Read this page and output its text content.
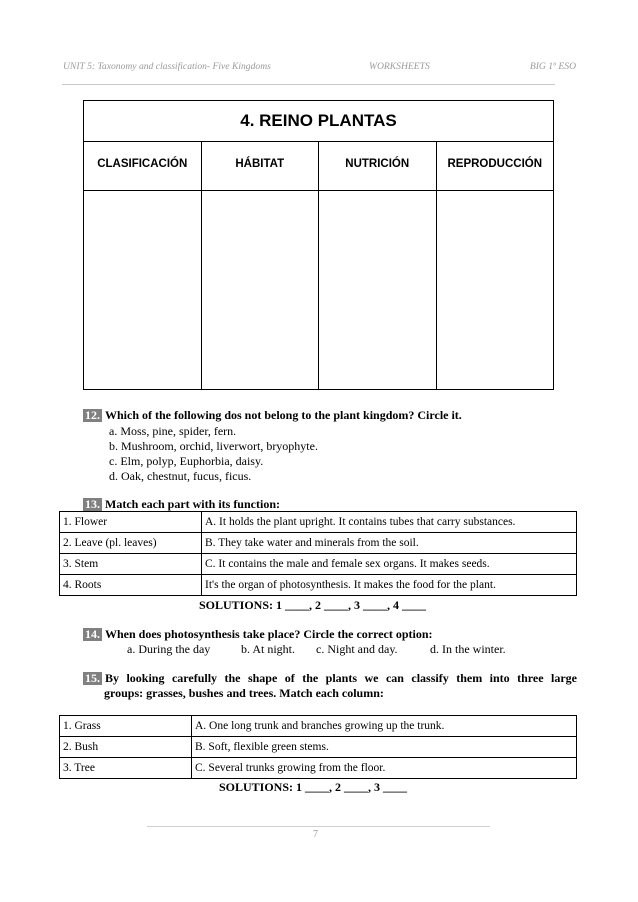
UNIT 5: Taxonomy and classification- Five Kingdoms	WORKSHEETS	BIG 1º ESO
4. REINO PLANTAS
CLASIFICACIÓN	HÁBITAT	NUTRICIÓN	REPRODUCCIÓN
12. Which of the following dos not belong to the plant kingdom? Circle it.
a. Moss, pine, spider, fern.
b. Mushroom, orchid, liverwort, bryophyte.
c. Elm, polyp, Euphorbia, daisy.
d. Oak, chestnut, fucus, ficus.
13. Match each part with its function:
1. Flower	A. It holds the plant upright. It contains tubes that carry substances.
2. Leave (pl. leaves)	B. They take water and minerals from the soil.
3. Stem	C. It contains the male and female sex organs. It makes seeds.
4. Roots	It's the organ of photosynthesis. It makes the food for the plant.
SOLUTIONS: 1 ____, 2 ____, 3 ____, 4 ____
14. When does photosynthesis take place? Circle the correct option:
a. During the day	b. At night. c. Night and day.	d. In the winter.
15. By looking carefully the shape of the plants we can classify them into three large
groups: grasses, bushes and trees. Match each column:
1. Grass	A. One long trunk and branches growing up the trunk.
2. Bush	B. Soft, flexible green stems.
3. Tree	C. Several trunks growing from the floor.
SOLUTIONS: 1 ____, 2 ____, 3 ____
7
